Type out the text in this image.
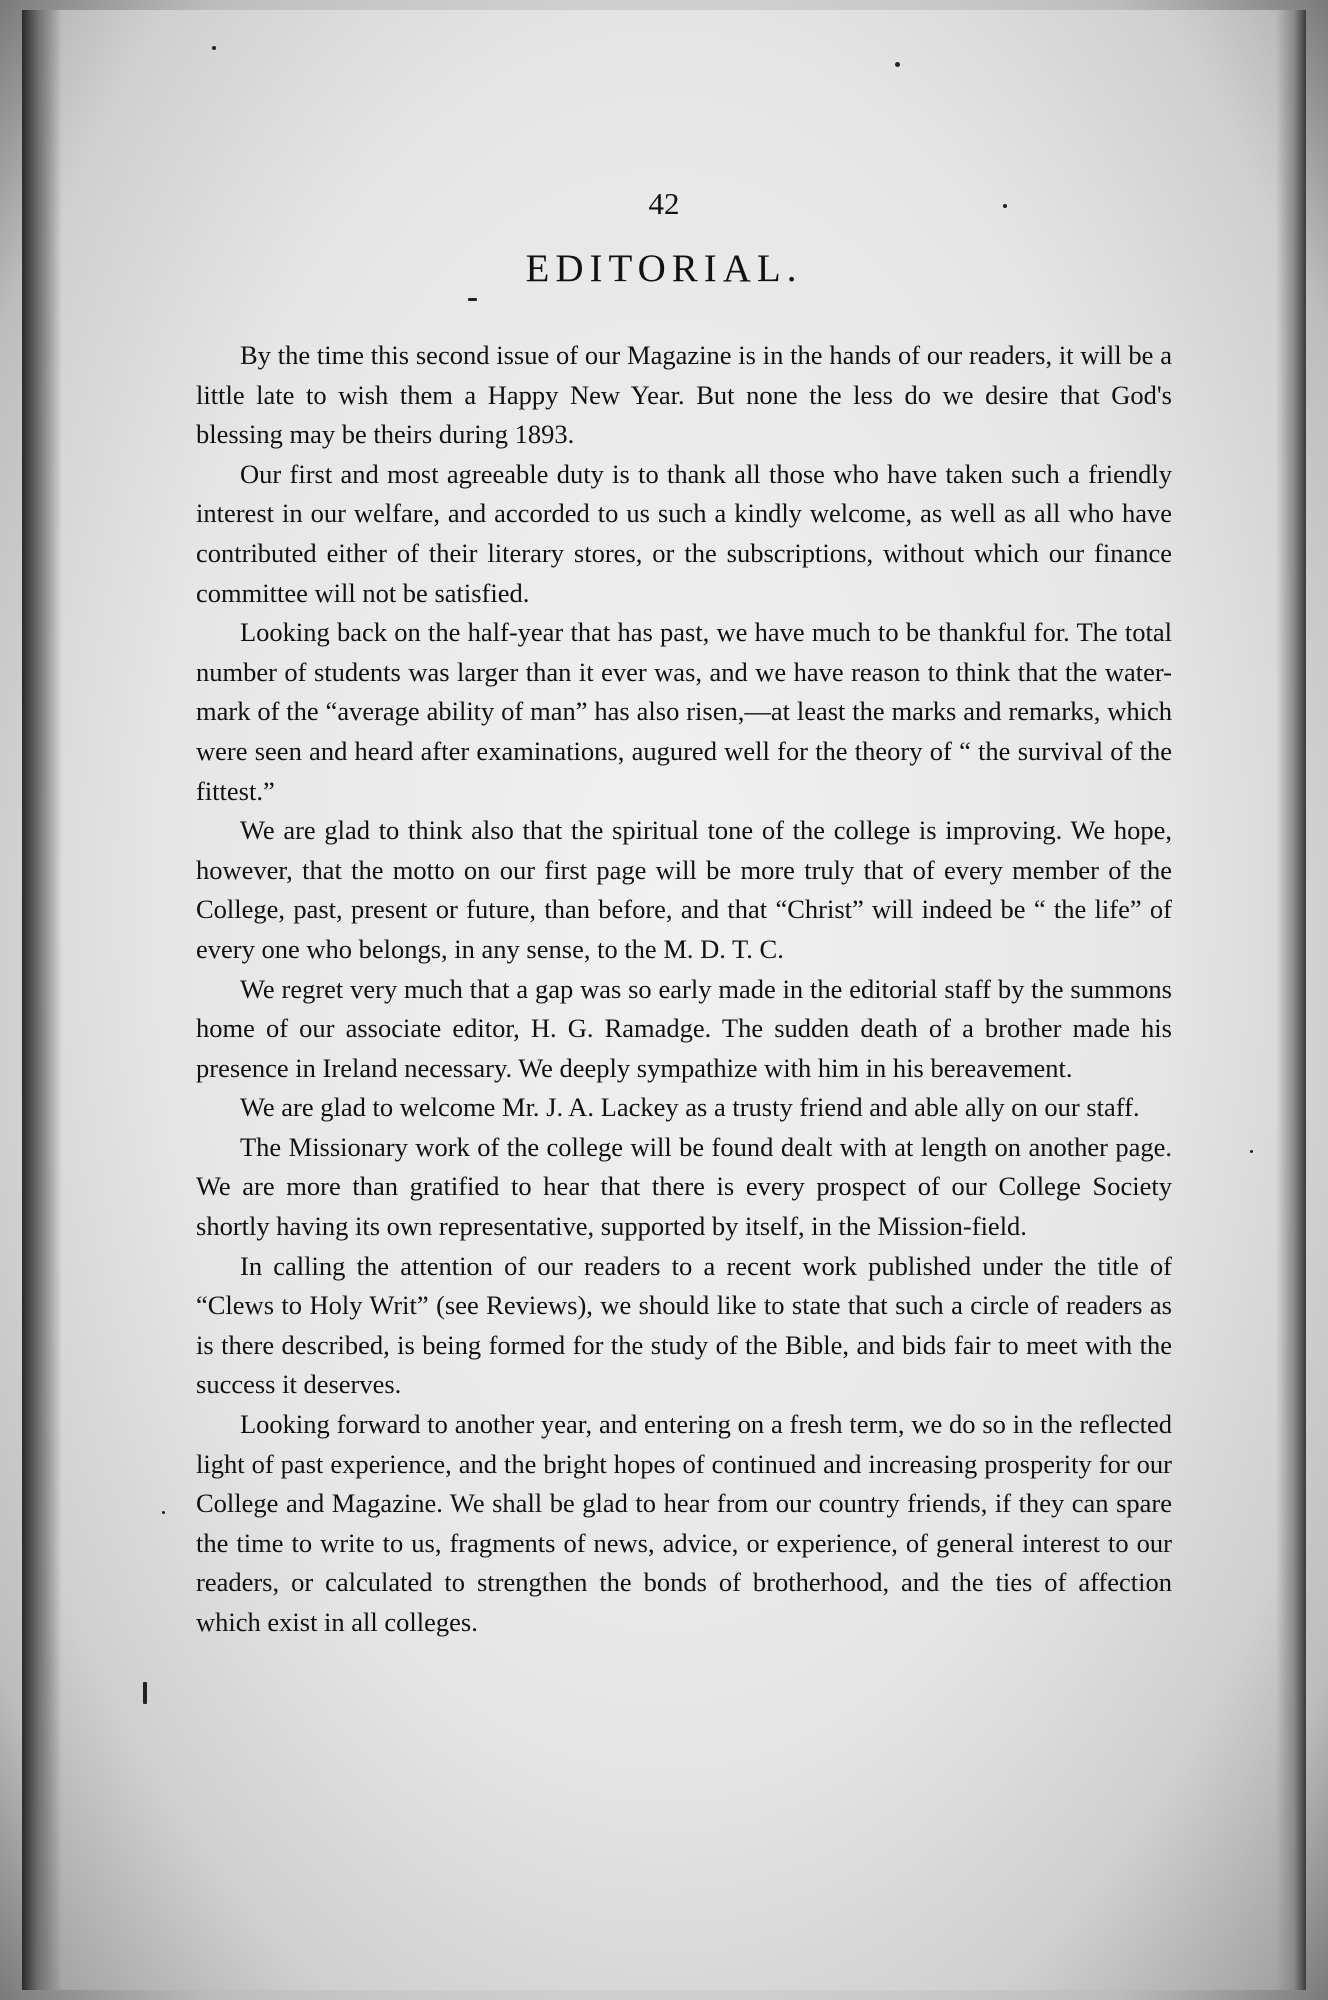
42
EDITORIAL.

By the time this second issue of our Magazine is in the hands of our readers, it will be a little late to wish them a Happy New Year. But none the less do we desire that God's blessing may be theirs during 1893.

Our first and most agreeable duty is to thank all those who have taken such a friendly interest in our welfare, and accorded to us such a kindly welcome, as well as all who have contributed either of their literary stores, or the subscriptions, without which our finance committee will not be satisfied.

Looking back on the half-year that has past, we have much to be thankful for. The total number of students was larger than it ever was, and we have reason to think that the water-mark of the “average ability of man” has also risen,—at least the marks and remarks, which were seen and heard after examinations, augured well for the theory of “ the survival of the fittest.”

We are glad to think also that the spiritual tone of the college is improving. We hope, however, that the motto on our first page will be more truly that of every member of the College, past, present or future, than before, and that “Christ” will indeed be “ the life” of every one who belongs, in any sense, to the M. D. T. C.

We regret very much that a gap was so early made in the editorial staff by the summons home of our associate editor, H. G. Ramadge. The sudden death of a brother made his presence in Ireland necessary. We deeply sympathize with him in his bereavement.

We are glad to welcome Mr. J. A. Lackey as a trusty friend and able ally on our staff.

The Missionary work of the college will be found dealt with at length on another page. We are more than gratified to hear that there is every prospect of our College Society shortly having its own representative, supported by itself, in the Mission-field.

In calling the attention of our readers to a recent work published under the title of “Clews to Holy Writ” (see Reviews), we should like to state that such a circle of readers as is there described, is being formed for the study of the Bible, and bids fair to meet with the success it deserves.

Looking forward to another year, and entering on a fresh term, we do so in the reflected light of past experience, and the bright hopes of continued and increasing prosperity for our College and Magazine. We shall be glad to hear from our country friends, if they can spare the time to write to us, fragments of news, advice, or experience, of general interest to our readers, or calculated to strengthen the bonds of brotherhood, and the ties of affection which exist in all colleges.
